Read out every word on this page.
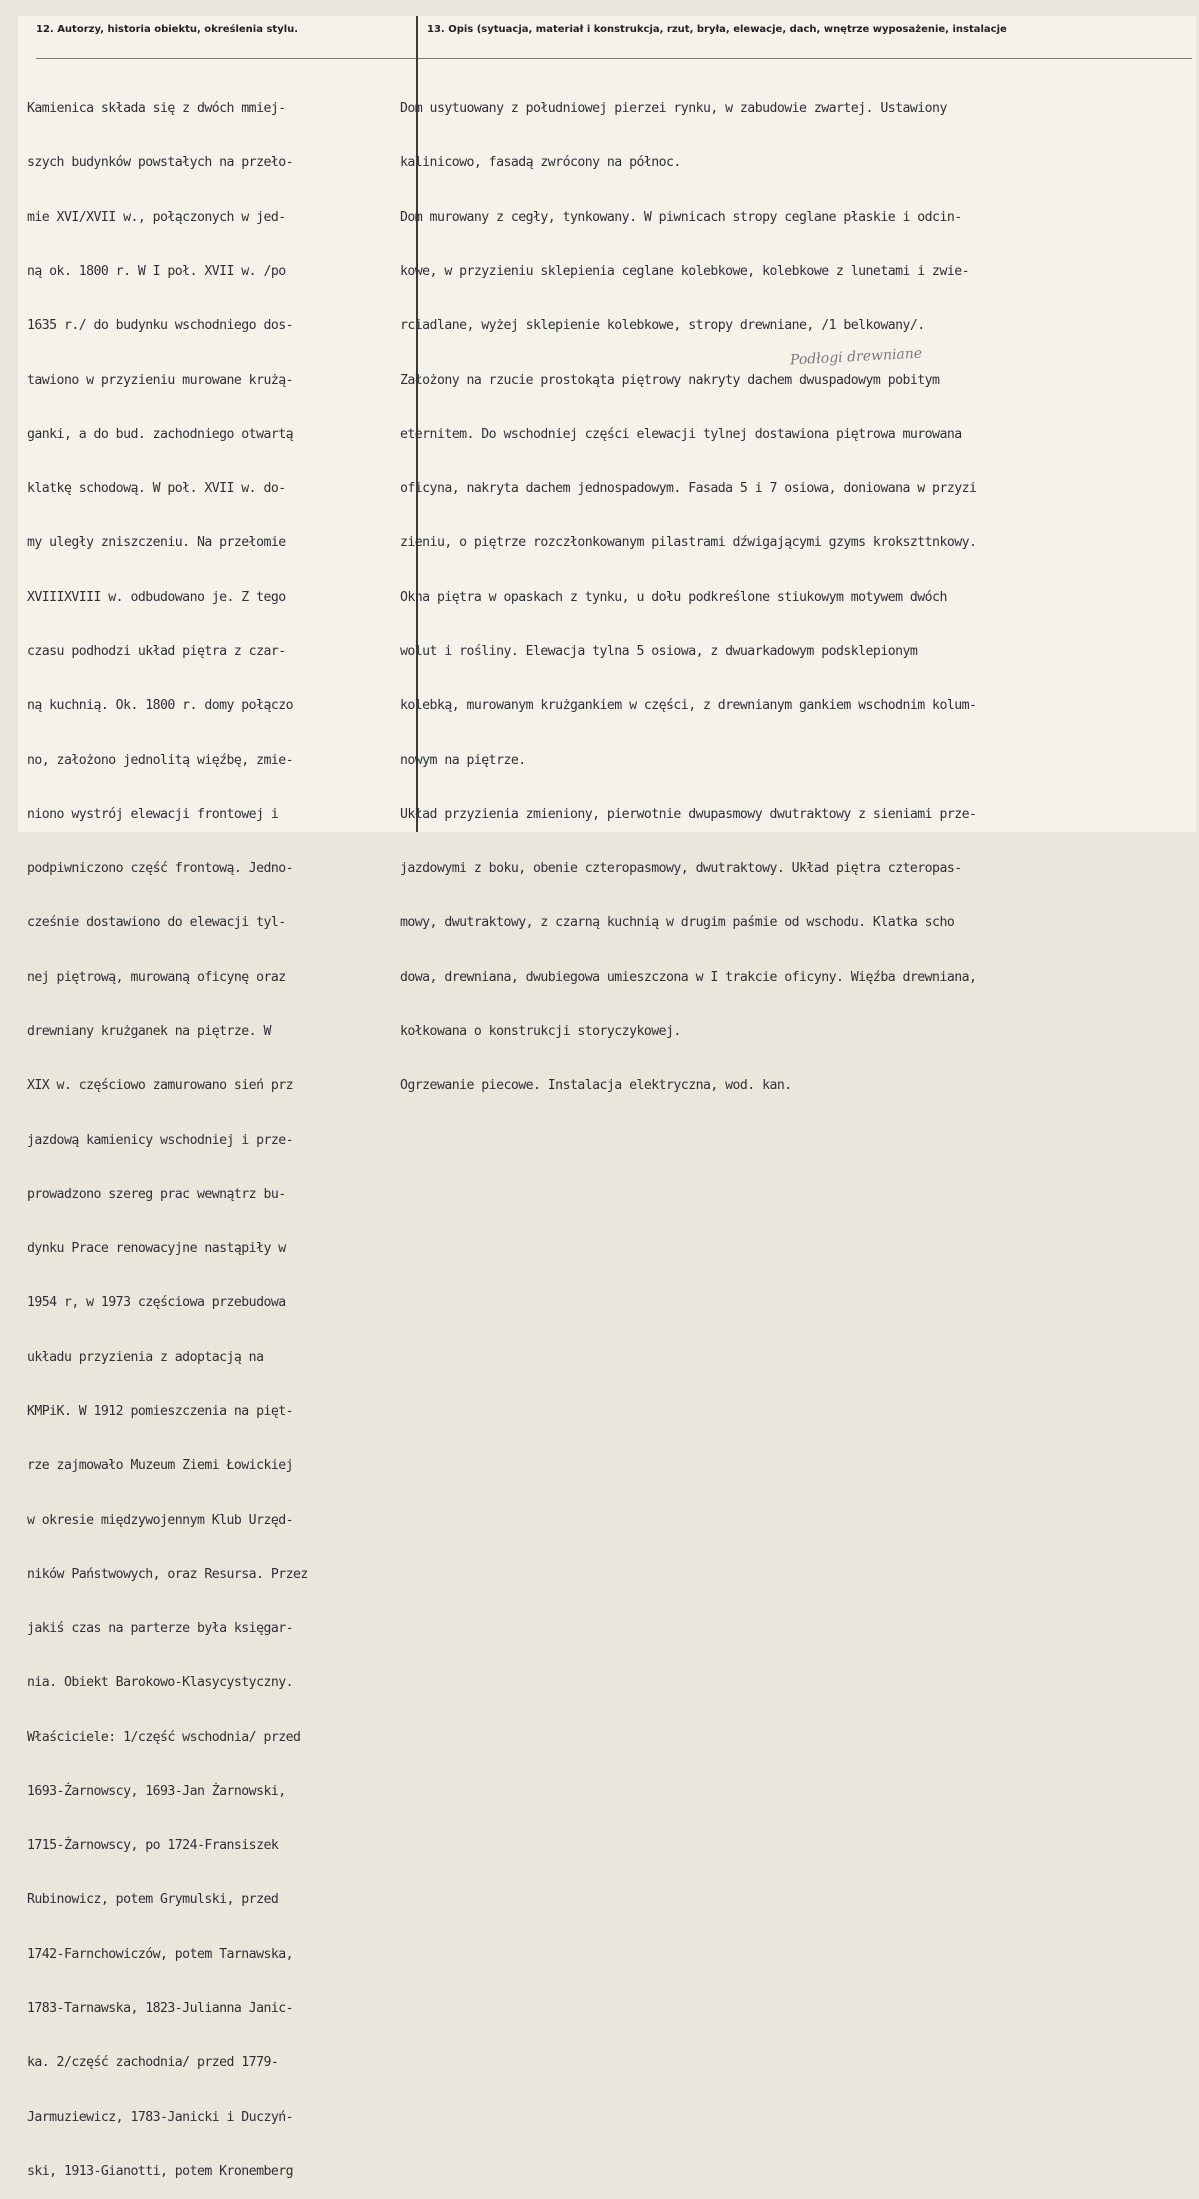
12. Autorzy, historia obiektu, określenia stylu.	13. Opis (sytuacja, materiał i konstrukcja, rzut, bryła, elewacje, dach, wnętrze wyposażenie, instalacje

Kamienica składa się z dwóch mmiej-

szych budynków powstałych na przeło-

mie XVI/XVII w., połączonych w jed-

ną ok. 1800 r. W I poł. XVII w. /po

1635 r./ do budynku wschodniego dos-

tawiono w przyzieniu murowane krużą-

ganki, a do bud. zachodniego otwartą

klatkę schodową. W poł. XVII w. do-

my uległy zniszczeniu. Na przełomie

XVIIIXVIII w. odbudowano je. Z tego

czasu podhodzi układ piętra z czar-

ną kuchnią. Ok. 1800 r. domy połączo

no, założono jednolitą więźbę, zmie-

niono wystrój elewacji frontowej i

podpiwniczono część frontową. Jedno-

cześnie dostawiono do elewacji tyl-

nej piętrową, murowaną oficynę oraz

drewniany krużganek na piętrze. W

XIX w. częściowo zamurowano sień prz

jazdową kamienicy wschodniej i prze-

prowadzono szereg prac wewnątrz bu-

dynku Prace renowacyjne nastąpiły w

1954 r, w 1973 częściowa przebudowa

układu przyzienia z adoptacją na

KMPiK. W 1912 pomieszczenia na pięt-

rze zajmowało Muzeum Ziemi Łowickiej

w okresie międzywojennym Klub Urzęd-

ników Państwowych, oraz Resursa. Przez

jakiś czas na parterze była księgar-

nia. Obiekt Barokowo-Klasycystyczny.

Właściciele: 1/część wschodnia/ przed

1693-Żarnowscy, 1693-Jan Żarnowski,

1715-Żarnowscy, po 1724-Fransiszek

Rubinowicz, potem Grymulski, przed

1742-Farnchowiczów, potem Tarnawska,

1783-Tarnawska, 1823-Julianna Janic-

ka. 2/część zachodnia/ przed 1779-

Jarmuziewicz, 1783-Janicki i Duczyń-

ski, 1913-Gianotti, potem Kronemberg

Dom usytuowany z południowej pierzei rynku, w zabudowie zwartej. Ustawiony

kalinicowo, fasadą zwrócony na północ.

Dom murowany z cegły, tynkowany. W piwnicach stropy ceglane płaskie i odcin-

kowe, w przyzieniu sklepienia ceglane kolebkowe, kolebkowe z lunetami i zwie-

rciadlane, wyżej sklepienie kolebkowe, stropy drewniane, /1 belkowany/.

Założony na rzucie prostokąta piętrowy nakryty dachem dwuspadowym pobitym

eternitem. Do wschodniej części elewacji tylnej dostawiona piętrowa murowana

oficyna, nakryta dachem jednospadowym. Fasada 5 i 7 osiowa, doniowana w przyzi

zieniu, o piętrze rozczłonkowanym pilastrami dźwigającymi gzyms krokszttnkowy.

Okna piętra w opaskach z tynku, u dołu podkreślone stiukowym motywem dwóch

wolut i rośliny. Elewacja tylna 5 osiowa, z dwuarkadowym podsklepionym

kolebką, murowanym krużgankiem w części, z drewnianym gankiem wschodnim kolum-

nowym na piętrze.

Układ przyzienia zmieniony, pierwotnie dwupasmowy dwutraktowy z sieniami prze-

jazdowymi z boku, obenie czteropasmowy, dwutraktowy. Układ piętra czteropas-

mowy, dwutraktowy, z czarną kuchnią w drugim paśmie od wschodu. Klatka scho

dowa, drewniana, dwubiegowa umieszczona w I trakcie oficyny. Więźba drewniana,

kołkowana o konstrukcji storyczykowej.

Ogrzewanie piecowe. Instalacja elektryczna, wod. kan.

Podłogi drewniane
